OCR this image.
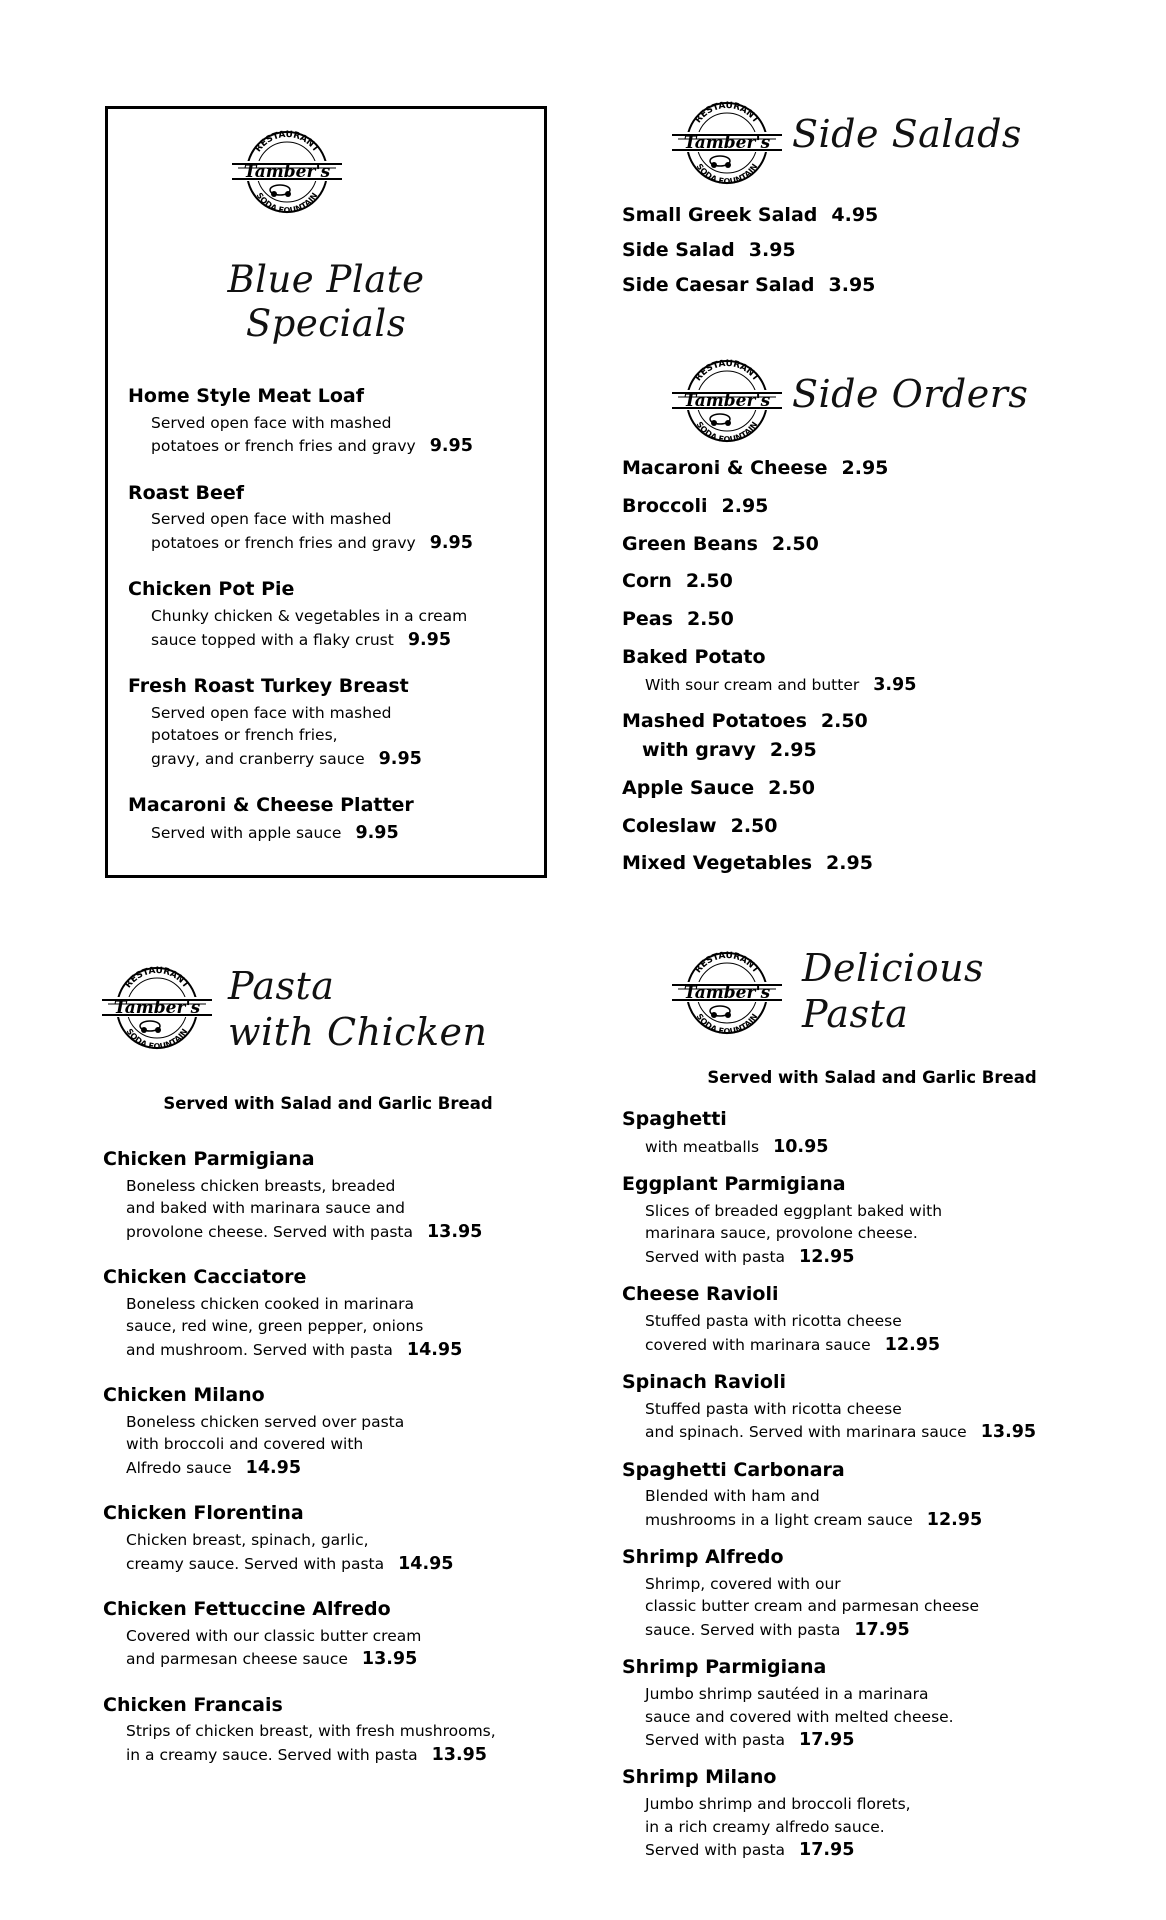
RESTAURANT
SODA FOUNTAIN
Tamber's
Blue Plate
Specials
Home Style Meat Loaf
Served open face with mashed
potatoes or french fries and gravy 9.95
Roast Beef
Served open face with mashed
potatoes or french fries and gravy 9.95
Chicken Pot Pie
Chunky chicken & vegetables in a cream
sauce topped with a flaky crust 9.95
Fresh Roast Turkey Breast
Served open face with mashed
potatoes or french fries,
gravy, and cranberry sauce 9.95
Macaroni & Cheese Platter
Served with apple sauce 9.95
RESTAURANT
SODA FOUNTAIN
Tamber's Side Salads
Small Greek Salad 4.95
Side Salad 3.95
Side Caesar Salad 3.95
RESTAURANT
SODA FOUNTAIN
Tamber's Side Orders
Macaroni & Cheese 2.95
Broccoli 2.95
Green Beans 2.50
Corn 2.50
Peas 2.50
Baked Potato
With sour cream and butter 3.95
Mashed Potatoes 2.50
with gravy 2.95
Apple Sauce 2.50
Coleslaw 2.50
Mixed Vegetables 2.95
RESTAURANT
SODA FOUNTAIN
Tamber's Pasta
with Chicken
Served with Salad and Garlic Bread
Chicken Parmigiana
Boneless chicken breasts, breaded
and baked with marinara sauce and
provolone cheese. Served with pasta 13.95
Chicken Cacciatore
Boneless chicken cooked in marinara
sauce, red wine, green pepper, onions
and mushroom. Served with pasta 14.95
Chicken Milano
Boneless chicken served over pasta
with broccoli and covered with
Alfredo sauce 14.95
Chicken Florentina
Chicken breast, spinach, garlic,
creamy sauce. Served with pasta 14.95
Chicken Fettuccine Alfredo
Covered with our classic butter cream
and parmesan cheese sauce 13.95
Chicken Francais
Strips of chicken breast, with fresh mushrooms,
in a creamy sauce. Served with pasta 13.95
RESTAURANT
SODA FOUNTAIN
Tamber's
Delicious
Pasta
Served with Salad and Garlic Bread
Spaghetti
with meatballs 10.95
Eggplant Parmigiana
Slices of breaded eggplant baked with
marinara sauce, provolone cheese.
Served with pasta 12.95
Cheese Ravioli
Stuffed pasta with ricotta cheese
covered with marinara sauce 12.95
Spinach Ravioli
Stuffed pasta with ricotta cheese
and spinach. Served with marinara sauce 13.95
Spaghetti Carbonara
Blended with ham and
mushrooms in a light cream sauce 12.95
Shrimp Alfredo
Shrimp, covered with our
classic butter cream and parmesan cheese
sauce. Served with pasta 17.95
Shrimp Parmigiana
Jumbo shrimp sautéed in a marinara
sauce and covered with melted cheese.
Served with pasta 17.95
Shrimp Milano
Jumbo shrimp and broccoli florets,
in a rich creamy alfredo sauce.
Served with pasta 17.95
